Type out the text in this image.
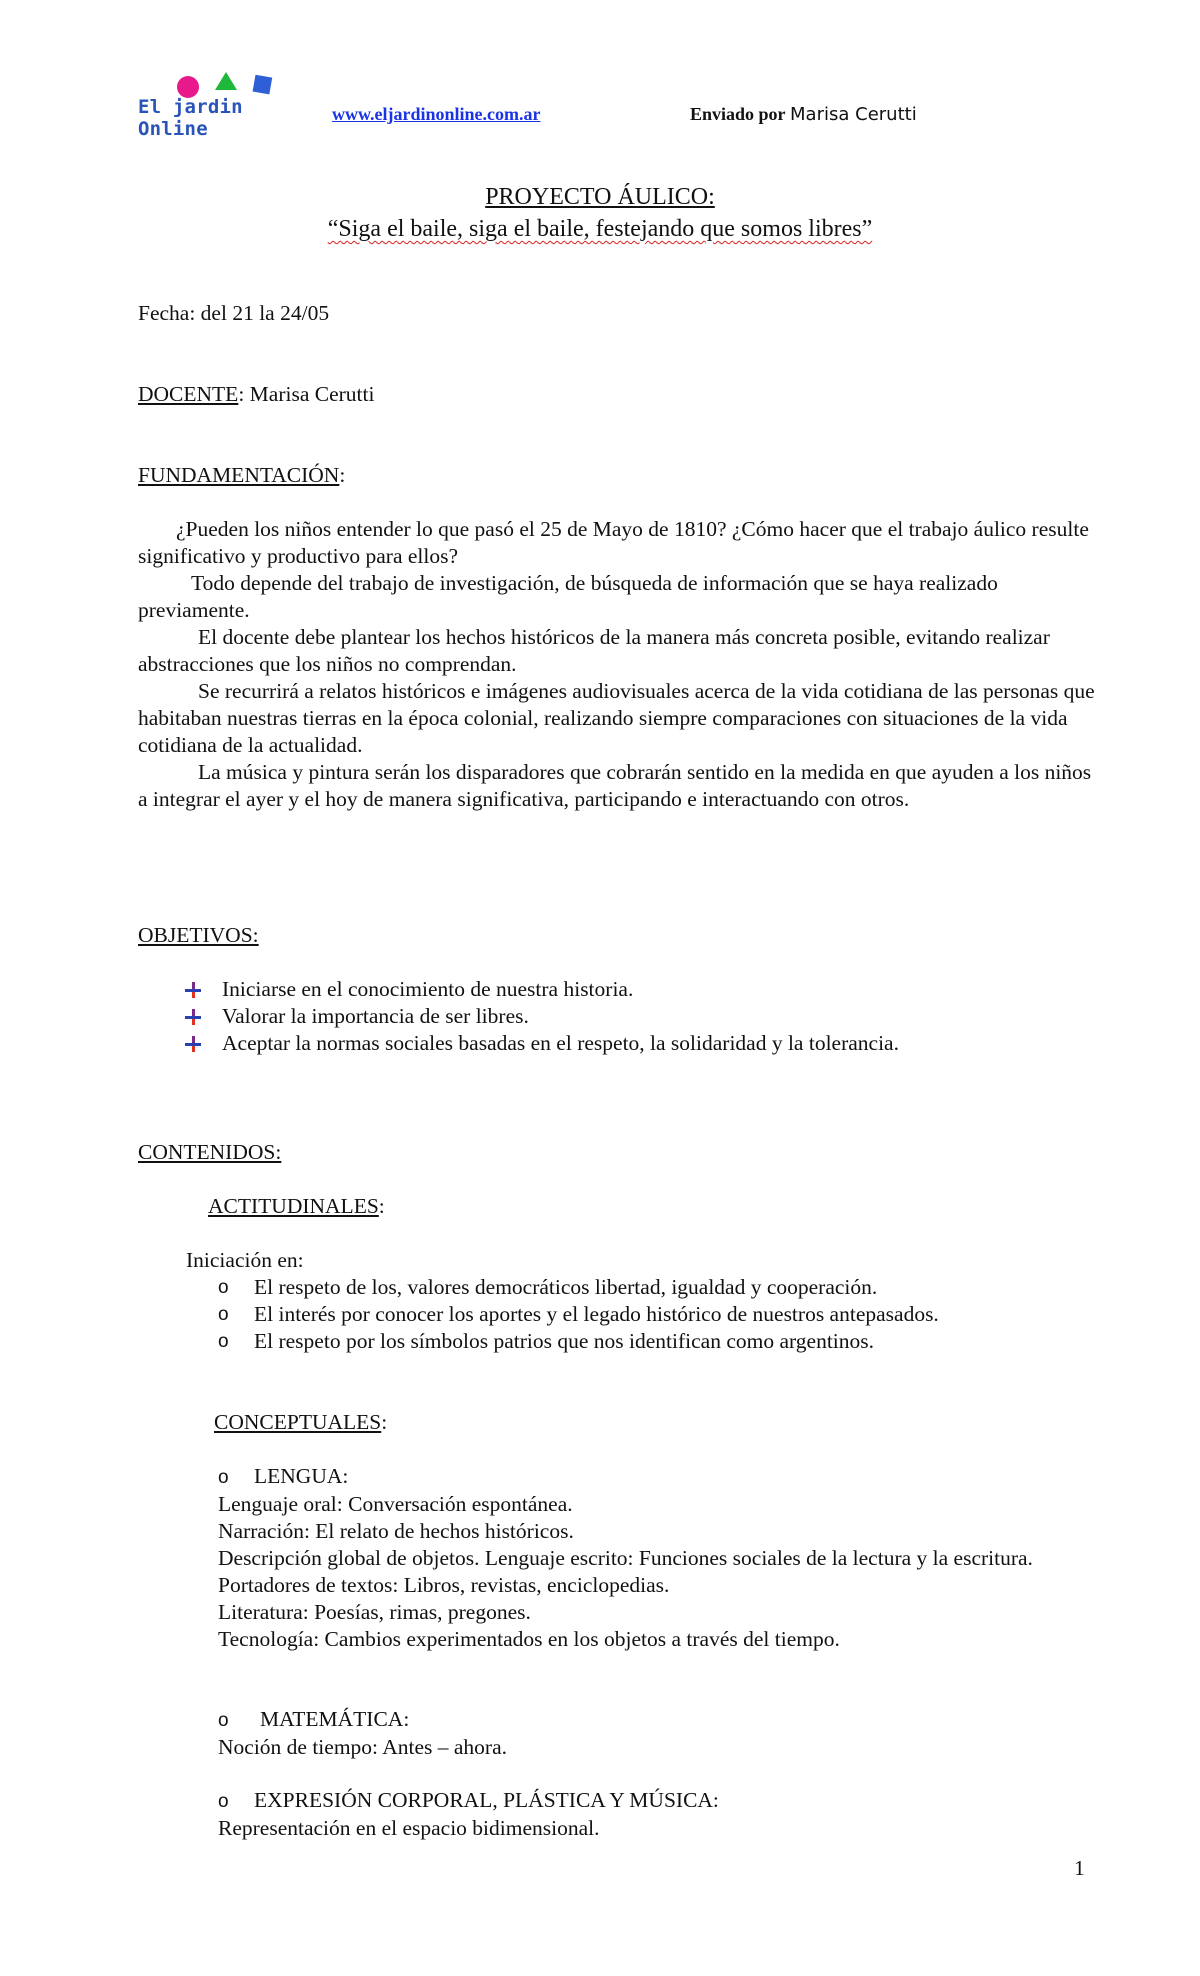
El jardin Online
www.eljardinonline.com.ar	Enviado por Marisa Cerutti
PROYECTO ÁULICO:
“Siga el baile, siga el baile, festejando que somos libres”
Fecha: del 21 la 24/05
DOCENTE: Marisa Cerutti
FUNDAMENTACIÓN:

¿Pueden los niños entender lo que pasó el 25 de Mayo de 1810? ¿Cómo hacer que el trabajo áulico resulte significativo y productivo para ellos?

Todo depende del trabajo de investigación, de búsqueda de información que se haya realizado previamente.

El docente debe plantear los hechos históricos de la manera más concreta posible, evitando realizar abstracciones que los niños no comprendan.

Se recurrirá a relatos históricos e imágenes audiovisuales acerca de la vida cotidiana de las personas que habitaban nuestras tierras en la época colonial, realizando siempre comparaciones con situaciones de la vida cotidiana de la actualidad.

La música y pintura serán los disparadores que cobrarán sentido en la medida en que ayuden a los niños a integrar el ayer y el hoy de manera significativa, participando e interactuando con otros.

OBJETIVOS:
Iniciarse en el conocimiento de nuestra historia.
Valorar la importancia de ser libres.
Aceptar la normas sociales basadas en el respeto, la solidaridad y la tolerancia.
CONTENIDOS:
ACTITUDINALES:
Iniciación en:
o El respeto de los, valores democráticos libertad, igualdad y cooperación.
o El interés por conocer los aportes y el legado histórico de nuestros antepasados.
o El respeto por los símbolos patrios que nos identifican como argentinos.
CONCEPTUALES:
o LENGUA:
Lenguaje oral: Conversación espontánea.
Narración: El relato de hechos históricos.
Descripción global de objetos. Lenguaje escrito: Funciones sociales de la lectura y la escritura.
Portadores de textos: Libros, revistas, enciclopedias.
Literatura: Poesías, rimas, pregones.
Tecnología: Cambios experimentados en los objetos a través del tiempo.
o MATEMÁTICA:
Noción de tiempo: Antes – ahora.
o EXPRESIÓN CORPORAL, PLÁSTICA Y MÚSICA:
Representación en el espacio bidimensional.
1
